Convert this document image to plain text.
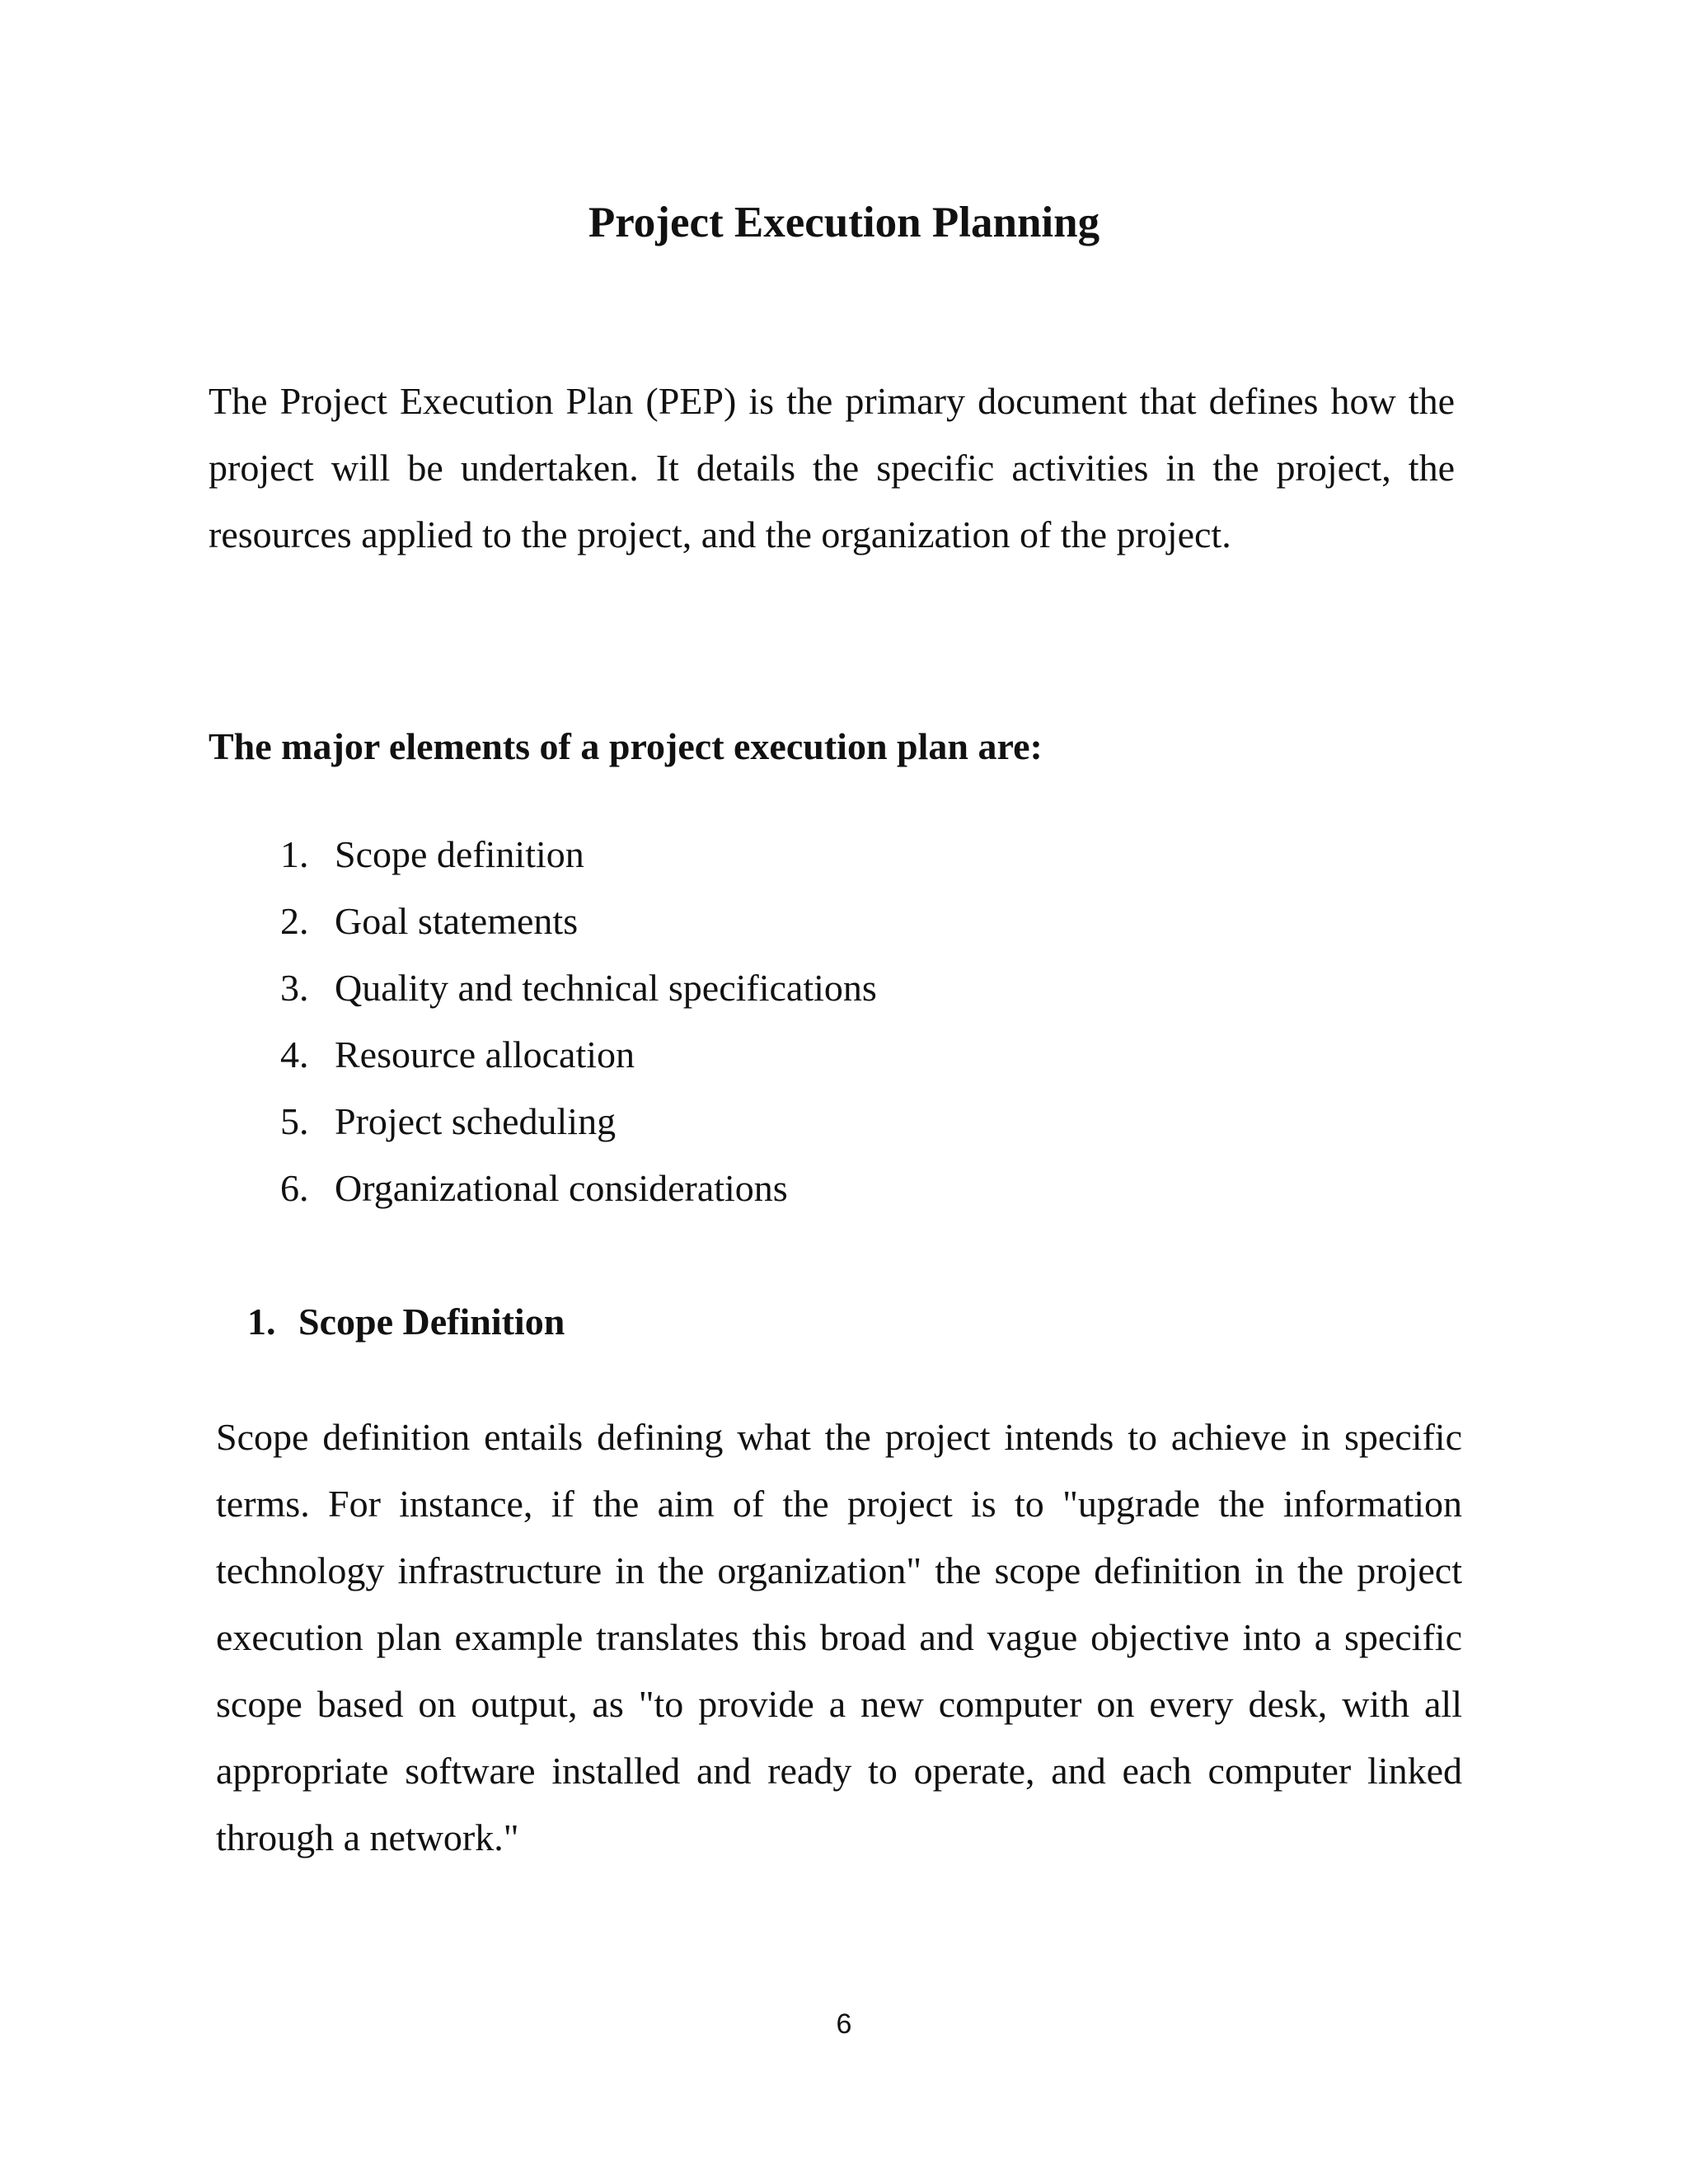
Project Execution Planning

The Project Execution Plan (PEP) is the primary document that defines how the project will be undertaken. It details the specific activities in the project, the resources applied to the project, and the organization of the project.

The major elements of a project execution plan are:
1. Scope definition
2. Goal statements
3. Quality and technical specifications
4. Resource allocation
5. Project scheduling
6. Organizational considerations
1. Scope Definition

Scope definition entails defining what the project intends to achieve in specific terms. For instance, if the aim of the project is to "upgrade the information technology infrastructure in the organization" the scope definition in the project execution plan example translates this broad and vague objective into a specific scope based on output, as "to provide a new computer on every desk, with all appropriate software installed and ready to operate, and each computer linked through a network."

6
